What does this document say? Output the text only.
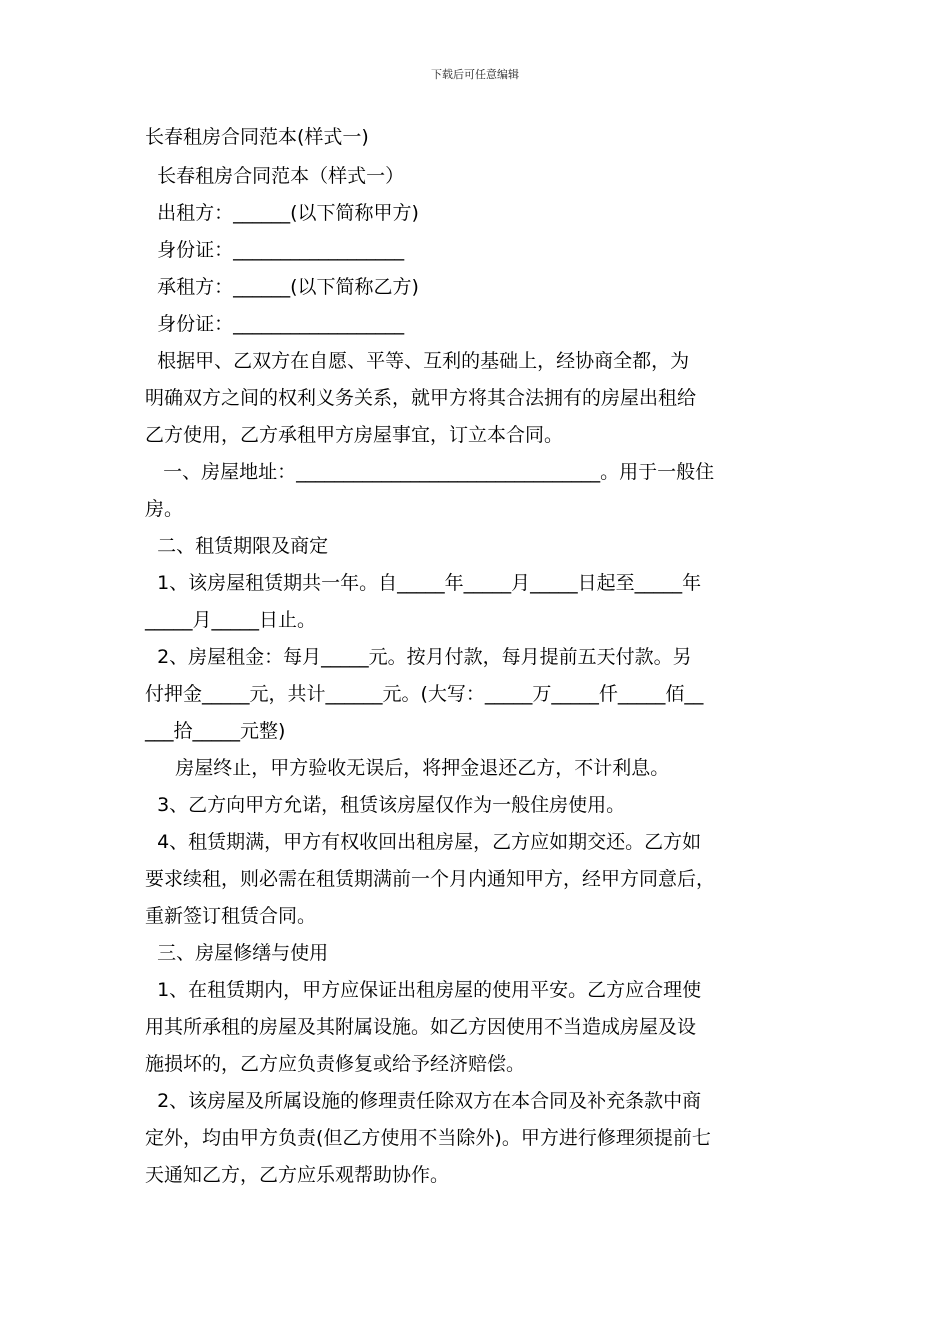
下载后可任意编辑
长春租房合同范本(样式一)
长春租房合同范本（样式一）
出租方：______(以下简称甲方)
身份证：__________________
承租方：______(以下简称乙方)
身份证：__________________
根据甲、乙双方在自愿、平等、互利的基础上，经协商全都，为
明确双方之间的权利义务关系，就甲方将其合法拥有的房屋出租给
乙方使用，乙方承租甲方房屋事宜，订立本合同。
一、房屋地址：________________________________。用于一般住
房。
二、租赁期限及商定
1、该房屋租赁期共一年。自_____年_____月_____日起至_____年
_____月_____日止。
2、房屋租金：每月_____元。按月付款，每月提前五天付款。另
付押金_____元，共计______元。(大写：_____万_____仟_____佰__
___拾_____元整)
房屋终止，甲方验收无误后，将押金退还乙方，不计利息。
3、乙方向甲方允诺，租赁该房屋仅作为一般住房使用。
4、租赁期满，甲方有权收回出租房屋，乙方应如期交还。乙方如
要求续租，则必需在租赁期满前一个月内通知甲方，经甲方同意后，
重新签订租赁合同。
三、房屋修缮与使用
1、在租赁期内，甲方应保证出租房屋的使用平安。乙方应合理使
用其所承租的房屋及其附属设施。如乙方因使用不当造成房屋及设
施损坏的，乙方应负责修复或给予经济赔偿。
2、该房屋及所属设施的修理责任除双方在本合同及补充条款中商
定外，均由甲方负责(但乙方使用不当除外)。甲方进行修理须提前七
天通知乙方，乙方应乐观帮助协作。
